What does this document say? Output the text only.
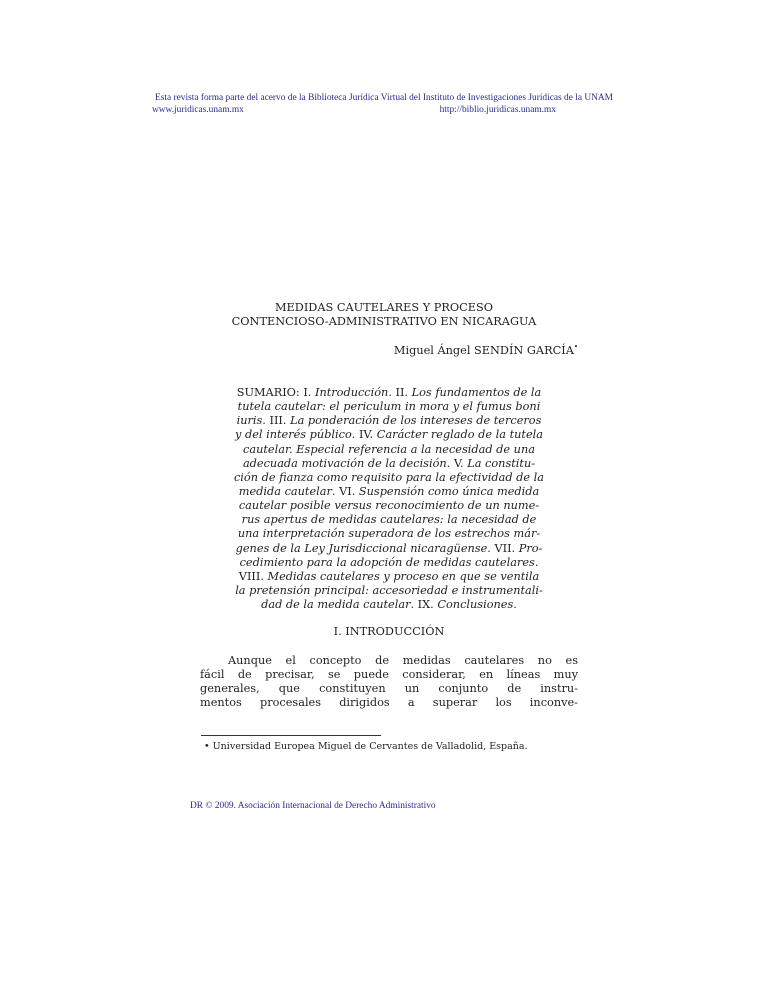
Esta revista forma parte del acervo de la Biblioteca Jurídica Virtual del Instituto de Investigaciones Jurídicas de la UNAM
www.juridicas.unam.mx	http://biblio.juridicas.unam.mx
MEDIDAS CAUTELARES Y PROCESO
CONTENCIOSO-ADMINISTRATIVO EN NICARAGUA
Miguel Ángel SENDÍN GARCÍA•
SUMARIO: I. Introducción. II. Los fundamentos de la
tutela cautelar: el periculum in mora y el fumus boni
iuris. III. La ponderación de los intereses de terceros
y del interés público. IV. Carácter reglado de la tutela
cautelar. Especial referencia a la necesidad de una
adecuada motivación de la decisión. V. La constitu-
ción de fianza como requisito para la efectividad de la
medida cautelar. VI. Suspensión como única medida
cautelar posible versus reconocimiento de un nume-
rus apertus de medidas cautelares: la necesidad de
una interpretación superadora de los estrechos már-
genes de la Ley Jurisdiccional nicaragüense. VII. Pro-
cedimiento para la adopción de medidas cautelares.
VIII. Medidas cautelares y proceso en que se ventila
la pretensión principal: accesoriedad e instrumentali-
dad de la medida cautelar. IX. Conclusiones.
I. INTRODUCCIÓN
Aunque el concepto de medidas cautelares no es
fácil de precisar, se puede considerar, en líneas muy
generales, que constituyen un conjunto de instru-
mentos procesales dirigidos a superar los inconve-
• Universidad Europea Miguel de Cervantes de Valladolid, España.
DR © 2009. Asociación Internacional de Derecho Administrativo
